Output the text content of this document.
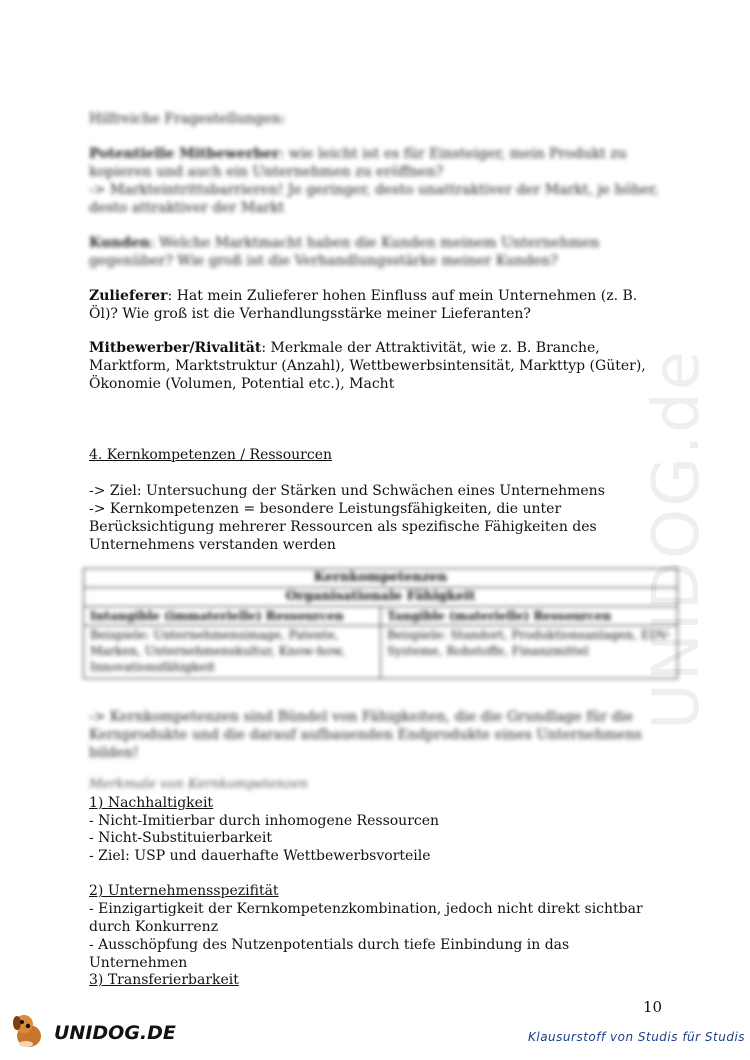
UNIDOG.de
Hilfreiche Fragestellungen:
Potentielle Mitbewerber: wie leicht ist es für Einsteiger, mein Produkt zu kopieren und auch ein Unternehmen zu eröffnen?
-> Markteintrittsbarrieren! Je geringer, desto unattraktiver der Markt, je höher, desto attraktiver der Markt
Kunden: Welche Marktmacht haben die Kunden meinem Unternehmen gegenüber? Wie groß ist die Verhandlungsstärke meiner Kunden?
Zulieferer: Hat mein Zulieferer hohen Einfluss auf mein Unternehmen (z. B. Öl)? Wie groß ist die Verhandlungsstärke meiner Lieferanten?
Mitbewerber/Rivalität: Merkmale der Attraktivität, wie z. B. Branche, Marktform, Marktstruktur (Anzahl), Wettbewerbsintensität, Markttyp (Güter), Ökonomie (Volumen, Potential etc.), Macht
4. Kernkompetenzen / Ressourcen
-> Ziel: Untersuchung der Stärken und Schwächen eines Unternehmens
-> Kernkompetenzen = besondere Leistungsfähigkeiten, die unter Berücksichtigung mehrerer Ressourcen als spezifische Fähigkeiten des Unternehmens verstanden werden
Kernkompetenzen	
Organisationale Fähigkeit	
Intangible (immaterielle) Ressourcen	Tangible (materielle) Ressourcen
Beispiele: Unternehmensimage, Patente, Marken, Unternehmenskultur, Know-how, Innovationsfähigkeit	Beispiele: Standort, Produktionsanlagen, EDV-Systeme, Rohstoffe, Finanzmittel
-> Kernkompetenzen sind Bündel von Fähigkeiten, die die Grundlage für die Kernprodukte und die darauf aufbauenden Endprodukte eines Unternehmens bilden!
Merkmale von Kernkompetenzen
1) Nachhaltigkeit
- Nicht-Imitierbar durch inhomogene Ressourcen
- Nicht-Substituierbarkeit
- Ziel: USP und dauerhafte Wettbewerbsvorteile
2) Unternehmensspezifität
- Einzigartigkeit der Kernkompetenzkombination, jedoch nicht direkt sichtbar durch Konkurrenz
- Ausschöpfung des Nutzenpotentials durch tiefe Einbindung in das Unternehmen
3) Transferierbarkeit
10
UNIDOG.DE	Klausurstoff von Studis für Studis
